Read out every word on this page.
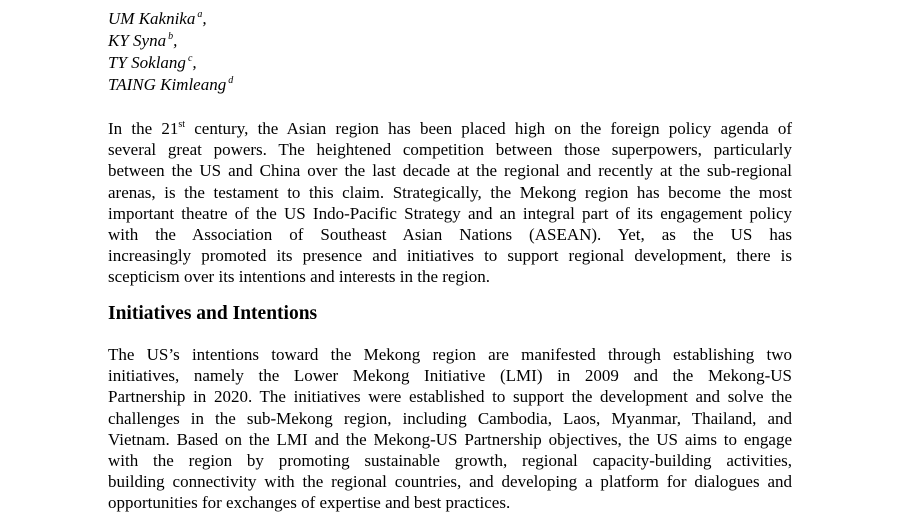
UM Kaknika $^a$,
KY Syna $^b$,
TY Soklang $^c$,
TAING Kimleang $^d$
In the 21st century, the Asian region has been placed high on the foreign policy agenda of
several great powers. The heightened competition between those superpowers, particularly
between the US and China over the last decade at the regional and recently at the sub-regional
arenas, is the testament to this claim. Strategically, the Mekong region has become the most
important theatre of the US Indo-Pacific Strategy and an integral part of its engagement policy
with the Association of Southeast Asian Nations (ASEAN). Yet, as the US has
increasingly promoted its presence and initiatives to support regional development, there is
scepticism over its intentions and interests in the region.
Initiatives and Intentions
The US’s intentions toward the Mekong region are manifested through establishing two
initiatives, namely the Lower Mekong Initiative (LMI) in 2009 and the Mekong-US
Partnership in 2020. The initiatives were established to support the development and solve the
challenges in the sub-Mekong region, including Cambodia, Laos, Myanmar, Thailand, and
Vietnam. Based on the LMI and the Mekong-US Partnership objectives, the US aims to engage
with the region by promoting sustainable growth, regional capacity-building activities,
building connectivity with the regional countries, and developing a platform for dialogues and
opportunities for exchanges of expertise and best practices.
